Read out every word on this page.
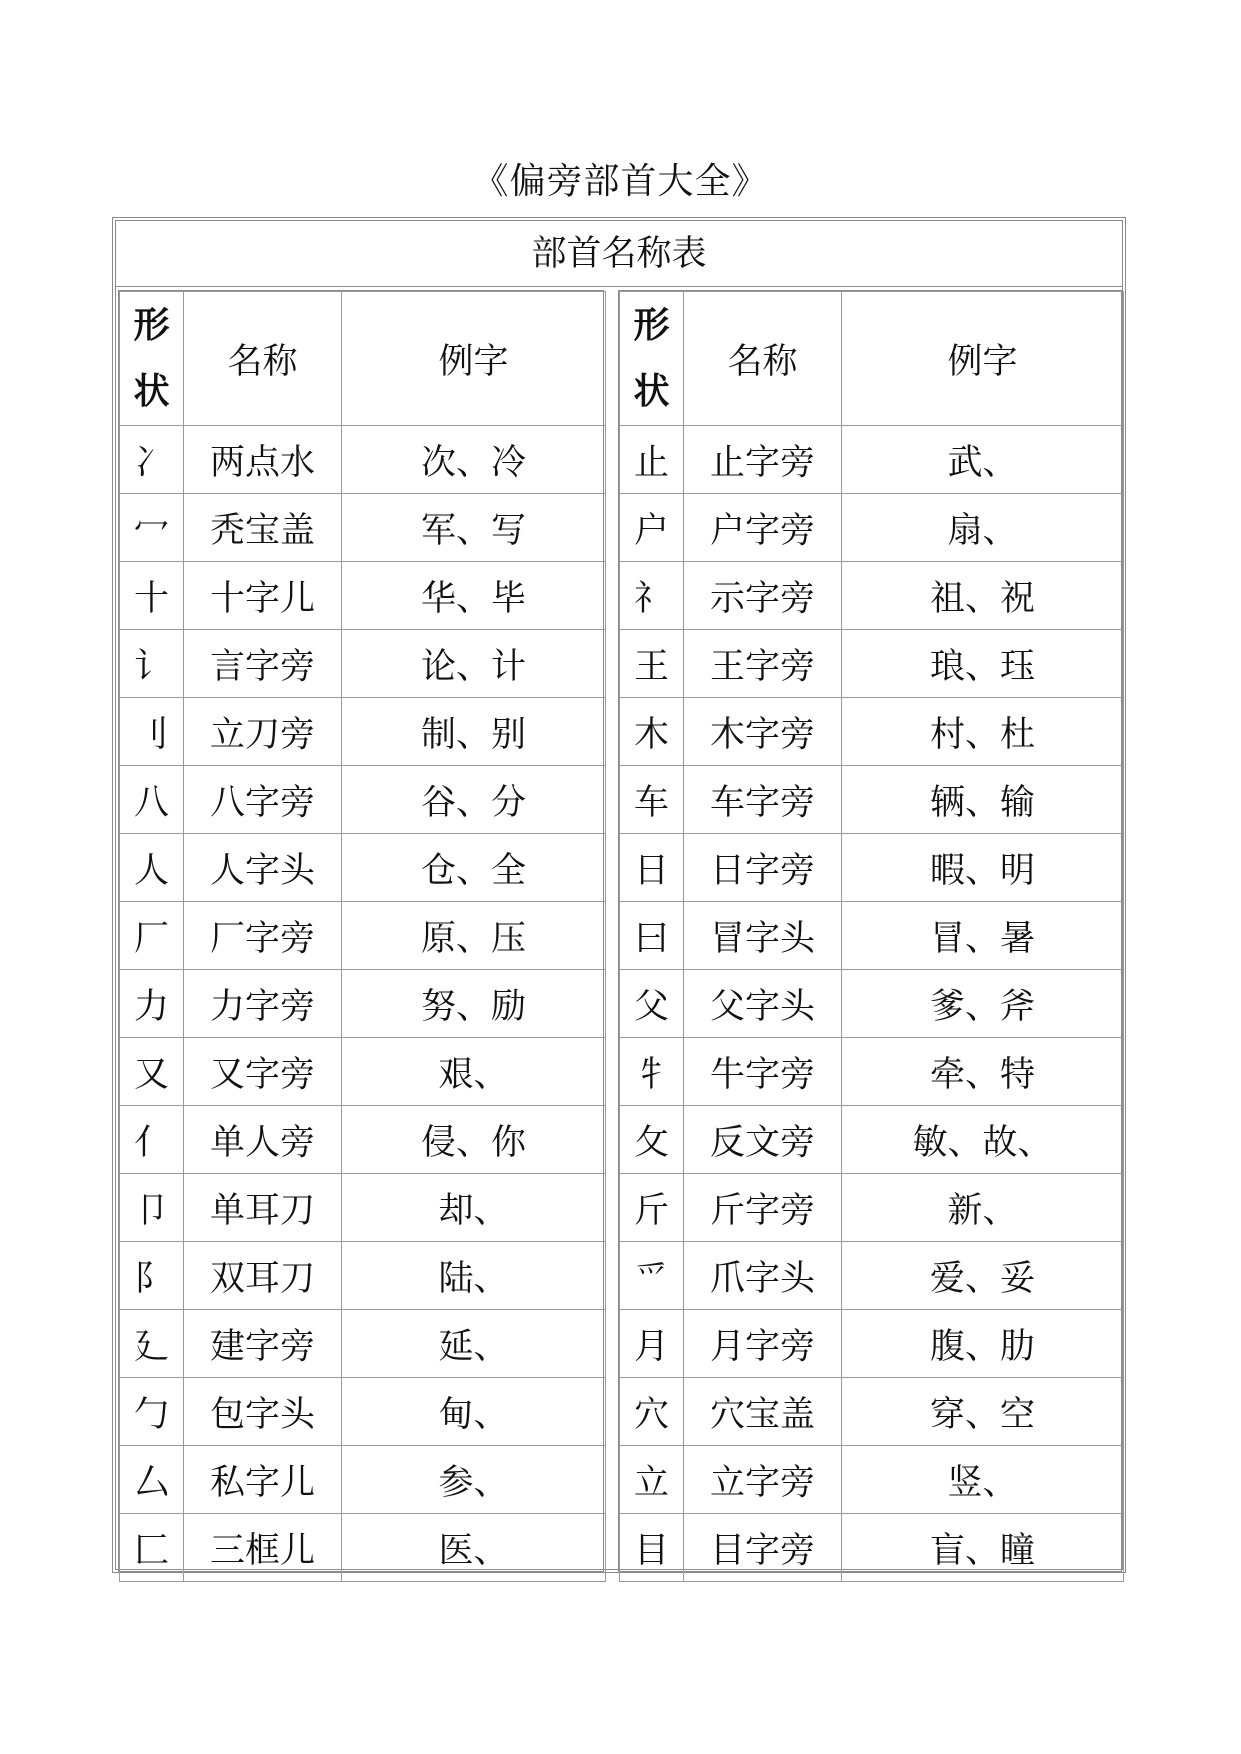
《偏旁部首大全》
部首名称表
形
状	名称	例字
冫	两点水	次、冷
冖	秃宝盖	军、写
十	十字儿	华、毕
讠	言字旁	论、计
刂	立刀旁	制、别
八	八字旁	谷、分
人	人字头	仓、全
厂	厂字旁	原、压
力	力字旁	努、励
又	又字旁	艰、
亻	单人旁	侵、你
卩	单耳刀	却、
阝	双耳刀	陆、
廴	建字旁	延、
勹	包字头	甸、
厶	私字儿	参、
匚	三框儿	医、
形
状	名称	例字
止	止字旁	武、
户	户字旁	扇、
礻	示字旁	祖、祝
王	王字旁	琅、珏
木	木字旁	村、杜
车	车字旁	辆、输
日	日字旁	暇、明
曰	冒字头	冒、暑
父	父字头	爹、斧
牜	牛字旁	牵、特
攵	反文旁	敏、故、
斤	斤字旁	新、
爫	爪字头	爱、妥
月	月字旁	腹、肋
穴	穴宝盖	穿、空
立	立字旁	竖、
目	目字旁	盲、瞳
